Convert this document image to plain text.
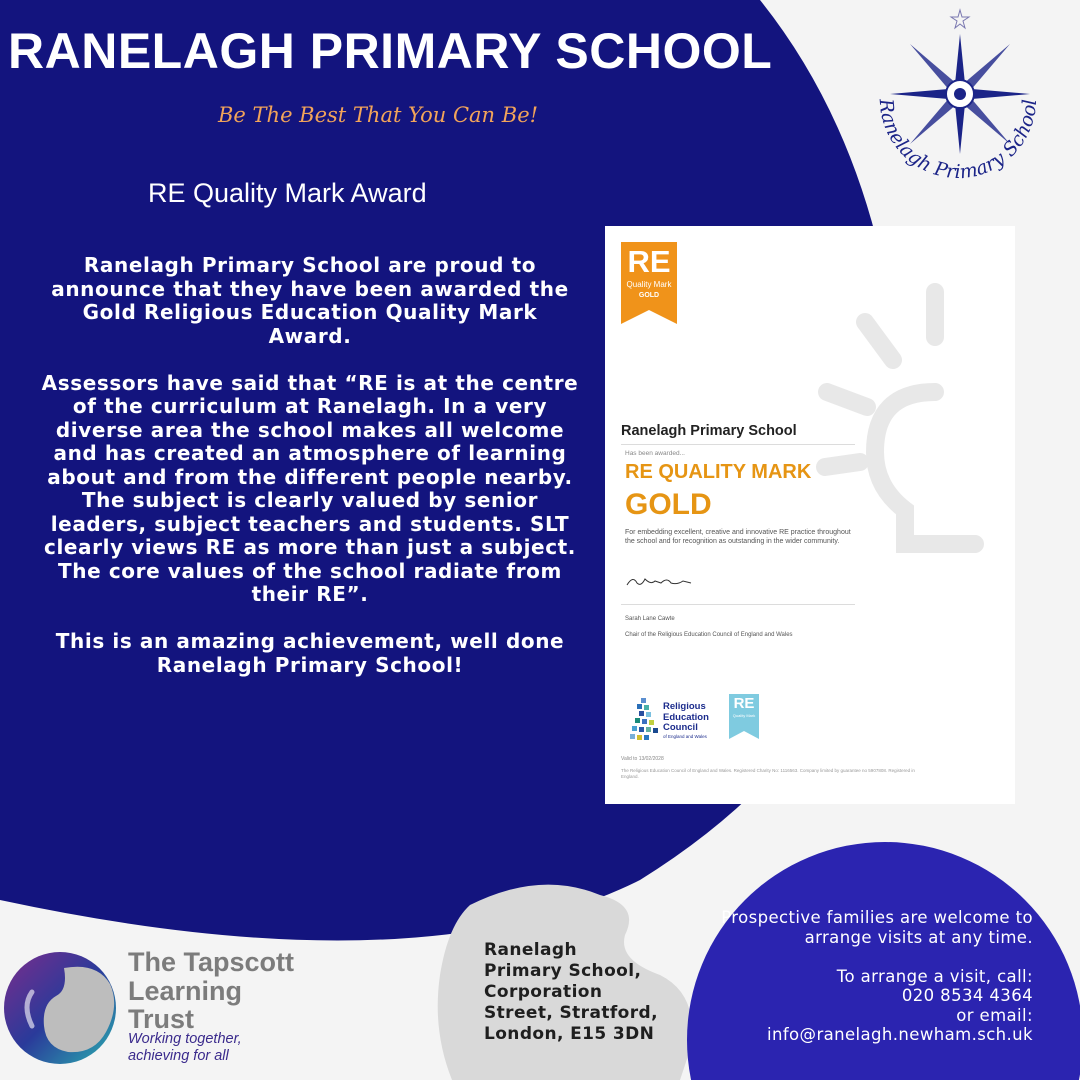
RANELAGH PRIMARY SCHOOL
Be The Best That You Can Be!	Ranelagh Primary School
RE Quality Mark Award

Ranelagh Primary School are proud to announce that they have been awarded the Gold Religious Education Quality Mark Award.

Assessors have said that “RE is at the centre of the curriculum at Ranelagh. In a very diverse area the school makes all welcome and has created an atmosphere of learning about and from the different people nearby. The subject is clearly valued by senior leaders, subject teachers and students. SLT clearly views RE as more than just a subject. The core values of the school radiate from their RE”.

This is an amazing achievement, well done Ranelagh Primary School!

RE
Quality Mark
GOLD
Ranelagh Primary School
Has been awarded...
RE QUALITY MARK
GOLD
For embedding excellent, creative and innovative RE practice throughout the school and for recognition as outstanding in the wider community.
Sarah Lane Cawte
Chair of the Religious Education Council of England and Wales
Religious Education Council
of England and Wales
RE
Quality Mark
Valid to 13/02/2028
The Religious Education Council of England and Wales. Registered Charity No: 1116563. Company limited by guarantee no 5907808. Registered in England.
Ranelagh
Primary School,
Corporation
Street, Stratford,
London, E15 3DN

Prospective families are welcome to arrange visits at any time.

To arrange a visit, call:
020 8534 4364
or email:
info@ranelagh.newham.sch.uk
The Tapscott
Learning
Trust
Working together,
achieving for all
